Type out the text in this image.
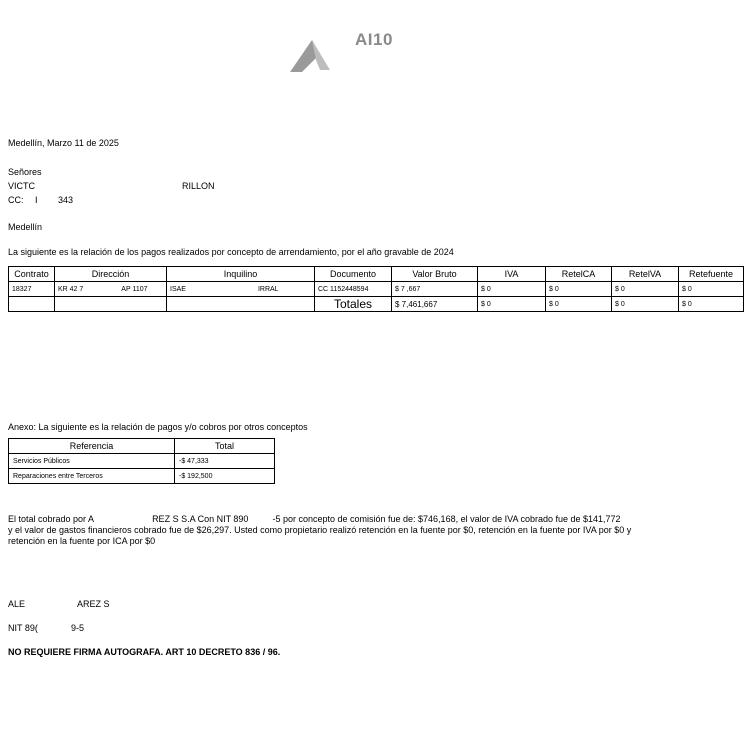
AI10
Medellín, Marzo 11 de 2025
Señores
VICTC	RILLON
CC: I 343
Medellín
La siguiente es la relación de los pagos realizados por concepto de arrendamiento, por el año gravable de 2024
Contrato	Dirección	Inquilino	Documento	Valor Bruto	IVA	RetelCA	RetelVA	Retefuente
18327	KR 42 7 AP 1107	ISAE IRRAL	CC 1152448594	$ 7 ,667	$ 0	$ 0	$ 0	$ 0
			Totales	$ 7,461,667	$ 0	$ 0	$ 0	$ 0
Anexo: La siguiente es la relación de pagos y/o cobros por otros conceptos
Referencia	Total
Servicios Públicos	-$ 47,333
Reparaciones entre Terceros	-$ 192,500
El total cobrado por A	REZ S S.A Con NIT 890	-5 por concepto de comisión fue de: $746,168, el valor de IVA cobrado fue de $141,772
y el valor de gastos financieros cobrado fue de $26,297. Usted como propietario realizó retención en la fuente por $0, retención en la fuente por IVA por $0 y
retención en la fuente por ICA por $0
ALE	AREZ S
NIT 89(	9-5
NO REQUIERE FIRMA AUTOGRAFA. ART 10 DECRETO 836 / 96.
